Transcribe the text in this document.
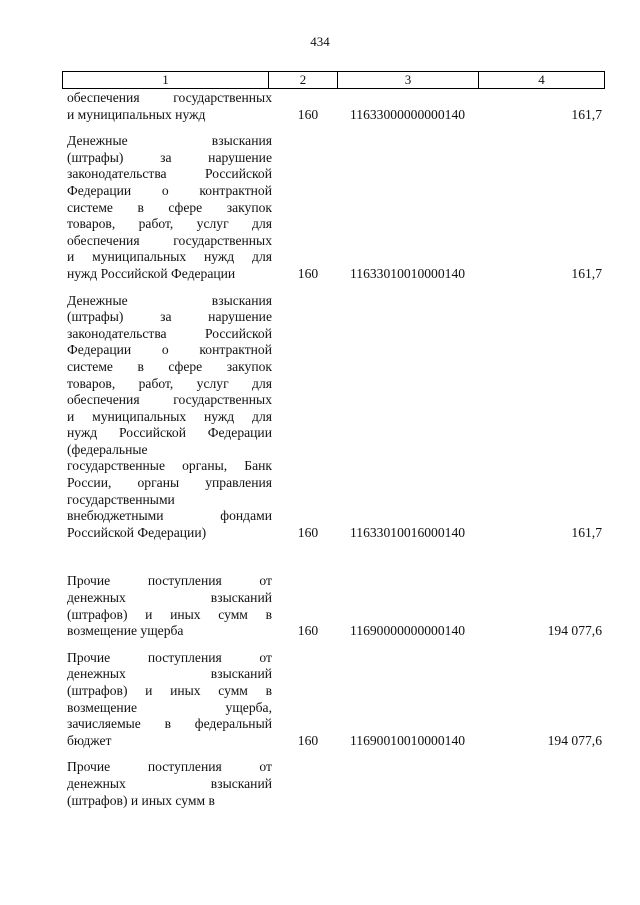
434
1	2	3	4
обеспечения государственных
и муниципальных нужд	160 11633000000000140	161,7
Денежные взыскания
(штрафы) за нарушение
законодательства Российской
Федерации о контрактной
системе в сфере закупок
товаров, работ, услуг для
обеспечения государственных
и муниципальных нужд для
нужд Российской Федерации	160 11633010010000140	161,7
Денежные взыскания
(штрафы) за нарушение
законодательства Российской
Федерации о контрактной
системе в сфере закупок
товаров, работ, услуг для
обеспечения государственных
и муниципальных нужд для
нужд Российской Федерации
(федеральные
государственные органы, Банк
России, органы управления
государственными
внебюджетными фондами
Российской Федерации)	160 11633010016000140	161,7
Прочие поступления от
денежных взысканий
(штрафов) и иных сумм в
возмещение ущерба	160 11690000000000140	194 077,6
Прочие поступления от
денежных взысканий
(штрафов) и иных сумм в
возмещение ущерба,
зачисляемые в федеральный
бюджет	160 11690010010000140	194 077,6
Прочие поступления от
денежных взысканий
(штрафов) и иных сумм в
